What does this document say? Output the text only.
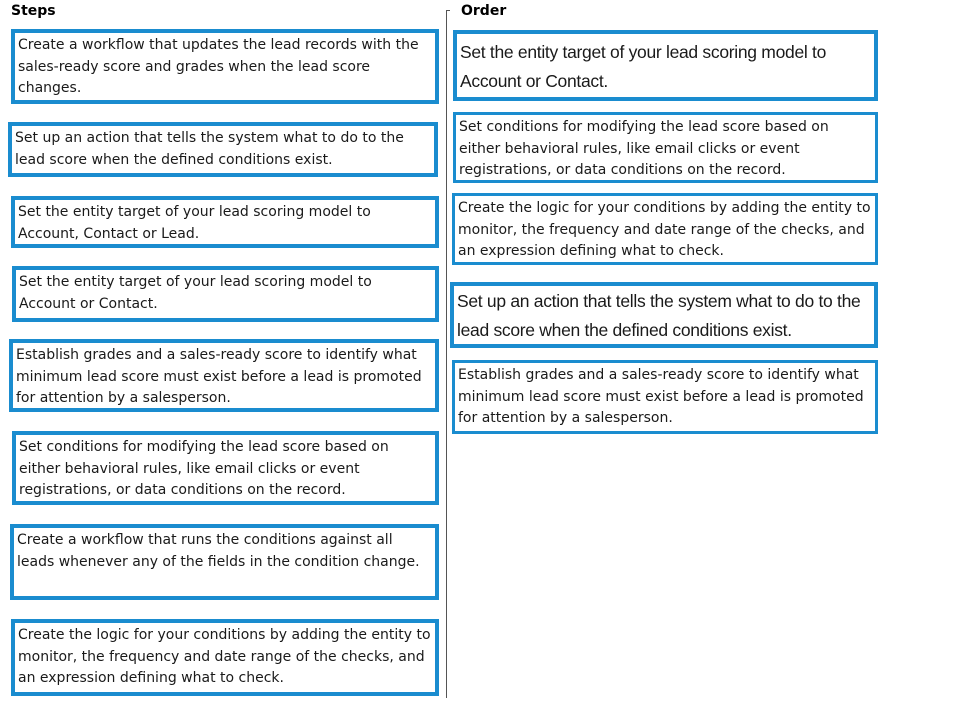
Steps	Order
Create a workflow that updates the lead records with the sales-ready score and grades when the lead score changes.
Set up an action that tells the system what to do to the lead score when the defined conditions exist.
Set the entity target of your lead scoring model to Account, Contact or Lead.
Set the entity target of your lead scoring model to Account or Contact.
Establish grades and a sales-ready score to identify what minimum lead score must exist before a lead is promoted for attention by a salesperson.
Set conditions for modifying the lead score based on either behavioral rules, like email clicks or event registrations, or data conditions on the record.
Create a workflow that runs the conditions against all leads whenever any of the fields in the condition change.
Create the logic for your conditions by adding the entity to monitor, the frequency and date range of the checks, and an expression defining what to check.
Set the entity target of your lead scoring model to Account or Contact.
Set conditions for modifying the lead score based on either behavioral rules, like email clicks or event registrations, or data conditions on the record.
Create the logic for your conditions by adding the entity to monitor, the frequency and date range of the checks, and an expression defining what to check.
Set up an action that tells the system what to do to the lead score when the defined conditions exist.
Establish grades and a sales-ready score to identify what minimum lead score must exist before a lead is promoted for attention by a salesperson.
